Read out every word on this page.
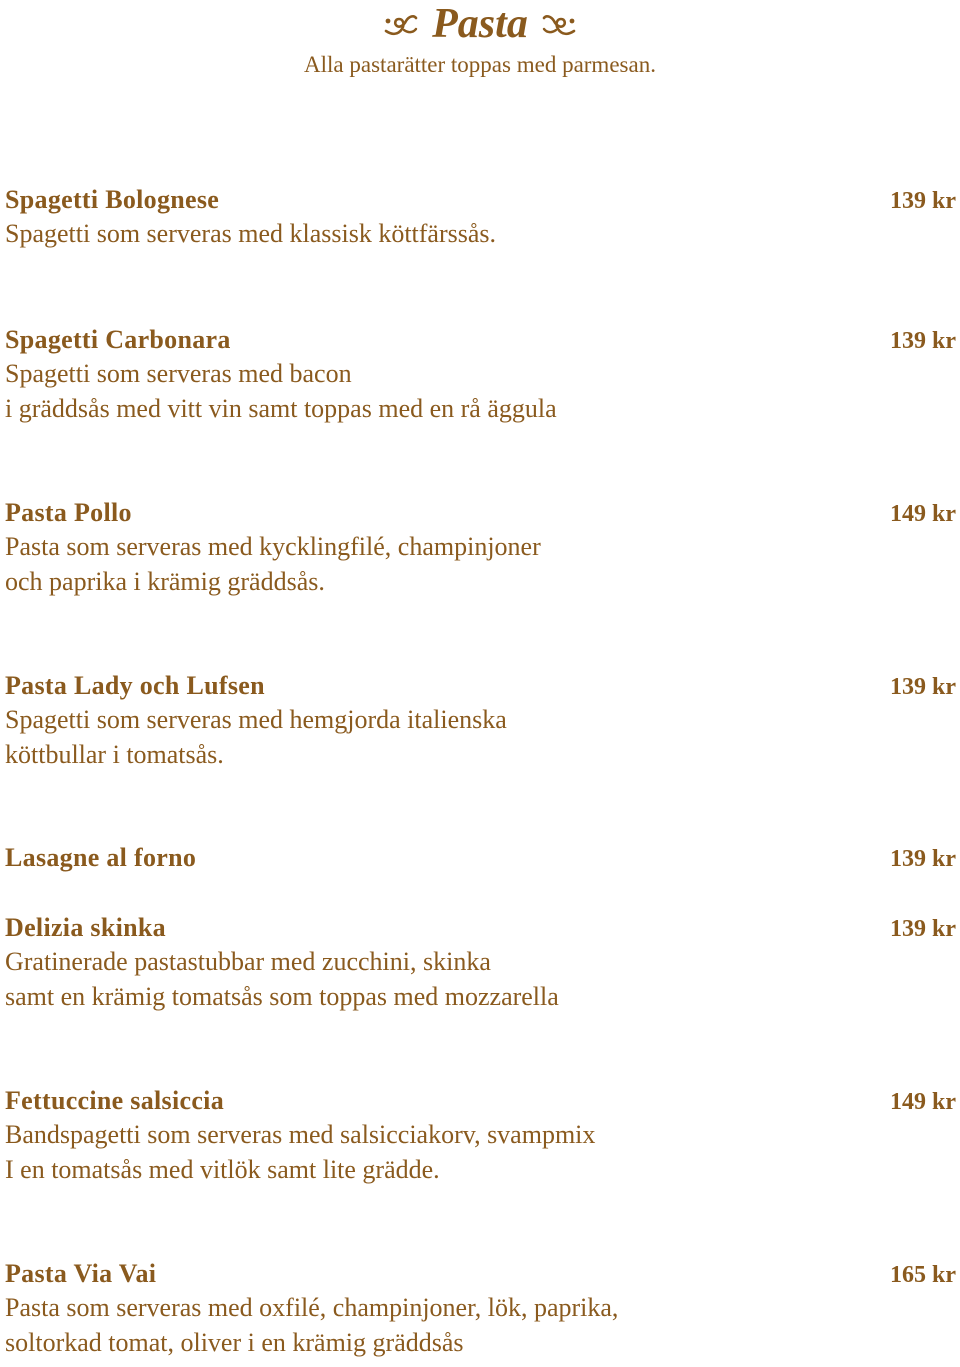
Pasta
Alla pastarätter toppas med parmesan.
Spagetti Bolognese	139 kr
Spagetti som serveras med klassisk köttfärssås.
Spagetti Carbonara	139 kr
Spagetti som serveras med bacon
i gräddsås med vitt vin samt toppas med en rå äggula
Pasta Pollo	149 kr
Pasta som serveras med kycklingfilé, champinjoner
och paprika i krämig gräddsås.
Pasta Lady och Lufsen	139 kr
Spagetti som serveras med hemgjorda italienska
köttbullar i tomatsås.
Lasagne al forno	139 kr
Delizia skinka	139 kr
Gratinerade pastastubbar med zucchini, skinka
samt en krämig tomatsås som toppas med mozzarella
Fettuccine salsiccia	149 kr
Bandspagetti som serveras med salsicciakorv, svampmix
I en tomatsås med vitlök samt lite grädde.
Pasta Via Vai	165 kr
Pasta som serveras med oxfilé, champinjoner, lök, paprika,
soltorkad tomat, oliver i en krämig gräddsås
